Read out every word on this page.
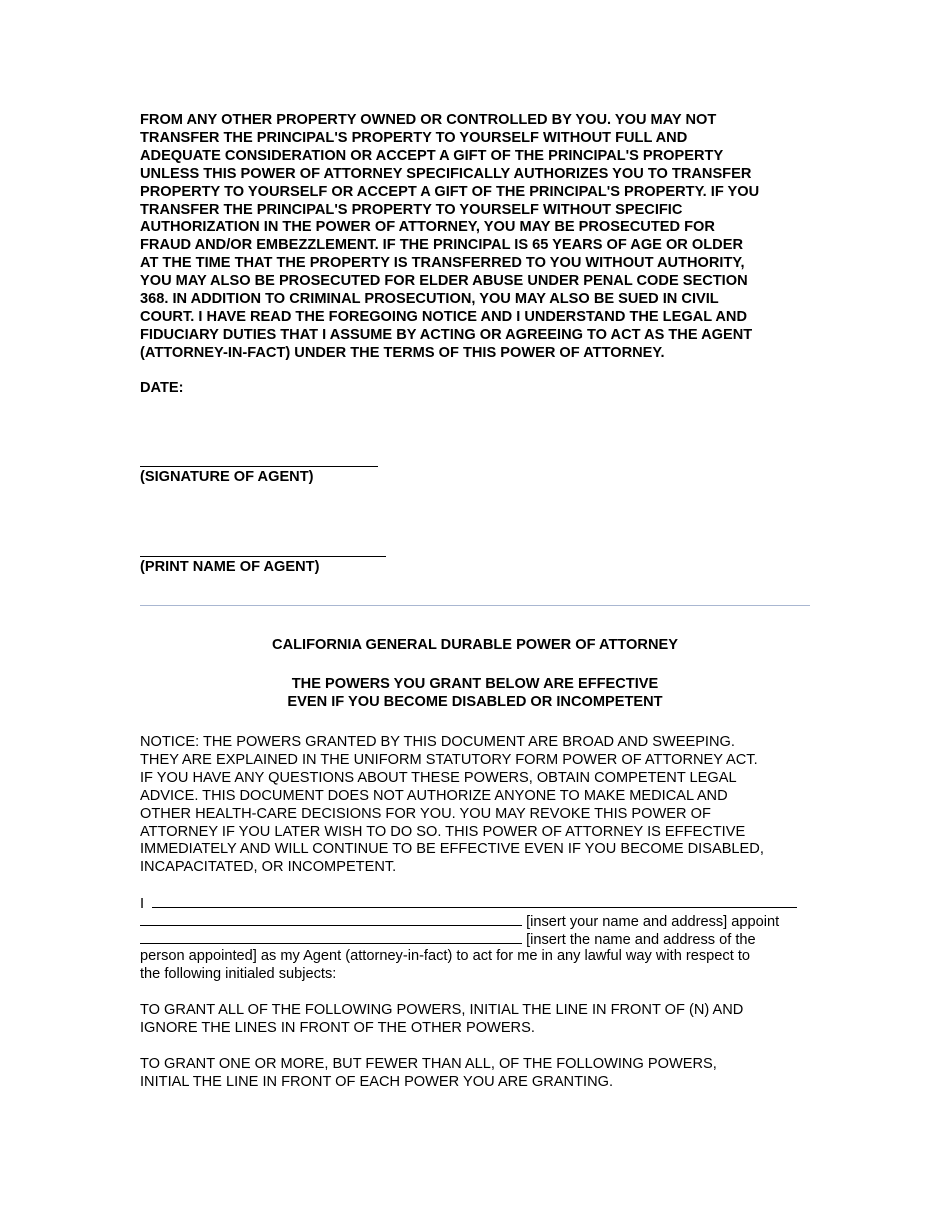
FROM ANY OTHER PROPERTY OWNED OR CONTROLLED BY YOU. YOU MAY NOT
TRANSFER THE PRINCIPAL'S PROPERTY TO YOURSELF WITHOUT FULL AND
ADEQUATE CONSIDERATION OR ACCEPT A GIFT OF THE PRINCIPAL'S PROPERTY
UNLESS THIS POWER OF ATTORNEY SPECIFICALLY AUTHORIZES YOU TO TRANSFER
PROPERTY TO YOURSELF OR ACCEPT A GIFT OF THE PRINCIPAL'S PROPERTY. IF YOU
TRANSFER THE PRINCIPAL'S PROPERTY TO YOURSELF WITHOUT SPECIFIC
AUTHORIZATION IN THE POWER OF ATTORNEY, YOU MAY BE PROSECUTED FOR
FRAUD AND/OR EMBEZZLEMENT. IF THE PRINCIPAL IS 65 YEARS OF AGE OR OLDER
AT THE TIME THAT THE PROPERTY IS TRANSFERRED TO YOU WITHOUT AUTHORITY,
YOU MAY ALSO BE PROSECUTED FOR ELDER ABUSE UNDER PENAL CODE SECTION
368. IN ADDITION TO CRIMINAL PROSECUTION, YOU MAY ALSO BE SUED IN CIVIL
COURT. I HAVE READ THE FOREGOING NOTICE AND I UNDERSTAND THE LEGAL AND
FIDUCIARY DUTIES THAT I ASSUME BY ACTING OR AGREEING TO ACT AS THE AGENT
(ATTORNEY-IN-FACT) UNDER THE TERMS OF THIS POWER OF ATTORNEY.
DATE:
(SIGNATURE OF AGENT)
(PRINT NAME OF AGENT)
CALIFORNIA GENERAL DURABLE POWER OF ATTORNEY
THE POWERS YOU GRANT BELOW ARE EFFECTIVE
EVEN IF YOU BECOME DISABLED OR INCOMPETENT
NOTICE: THE POWERS GRANTED BY THIS DOCUMENT ARE BROAD AND SWEEPING.
THEY ARE EXPLAINED IN THE UNIFORM STATUTORY FORM POWER OF ATTORNEY ACT.
IF YOU HAVE ANY QUESTIONS ABOUT THESE POWERS, OBTAIN COMPETENT LEGAL
ADVICE. THIS DOCUMENT DOES NOT AUTHORIZE ANYONE TO MAKE MEDICAL AND
OTHER HEALTH-CARE DECISIONS FOR YOU. YOU MAY REVOKE THIS POWER OF
ATTORNEY IF YOU LATER WISH TO DO SO. THIS POWER OF ATTORNEY IS EFFECTIVE
IMMEDIATELY AND WILL CONTINUE TO BE EFFECTIVE EVEN IF YOU BECOME DISABLED,
INCAPACITATED, OR INCOMPETENT.
I
[insert your name and address] appoint
[insert the name and address of the
person appointed] as my Agent (attorney-in-fact) to act for me in any lawful way with respect to
the following initialed subjects:
TO GRANT ALL OF THE FOLLOWING POWERS, INITIAL THE LINE IN FRONT OF (N) AND
IGNORE THE LINES IN FRONT OF THE OTHER POWERS.
TO GRANT ONE OR MORE, BUT FEWER THAN ALL, OF THE FOLLOWING POWERS,
INITIAL THE LINE IN FRONT OF EACH POWER YOU ARE GRANTING.
